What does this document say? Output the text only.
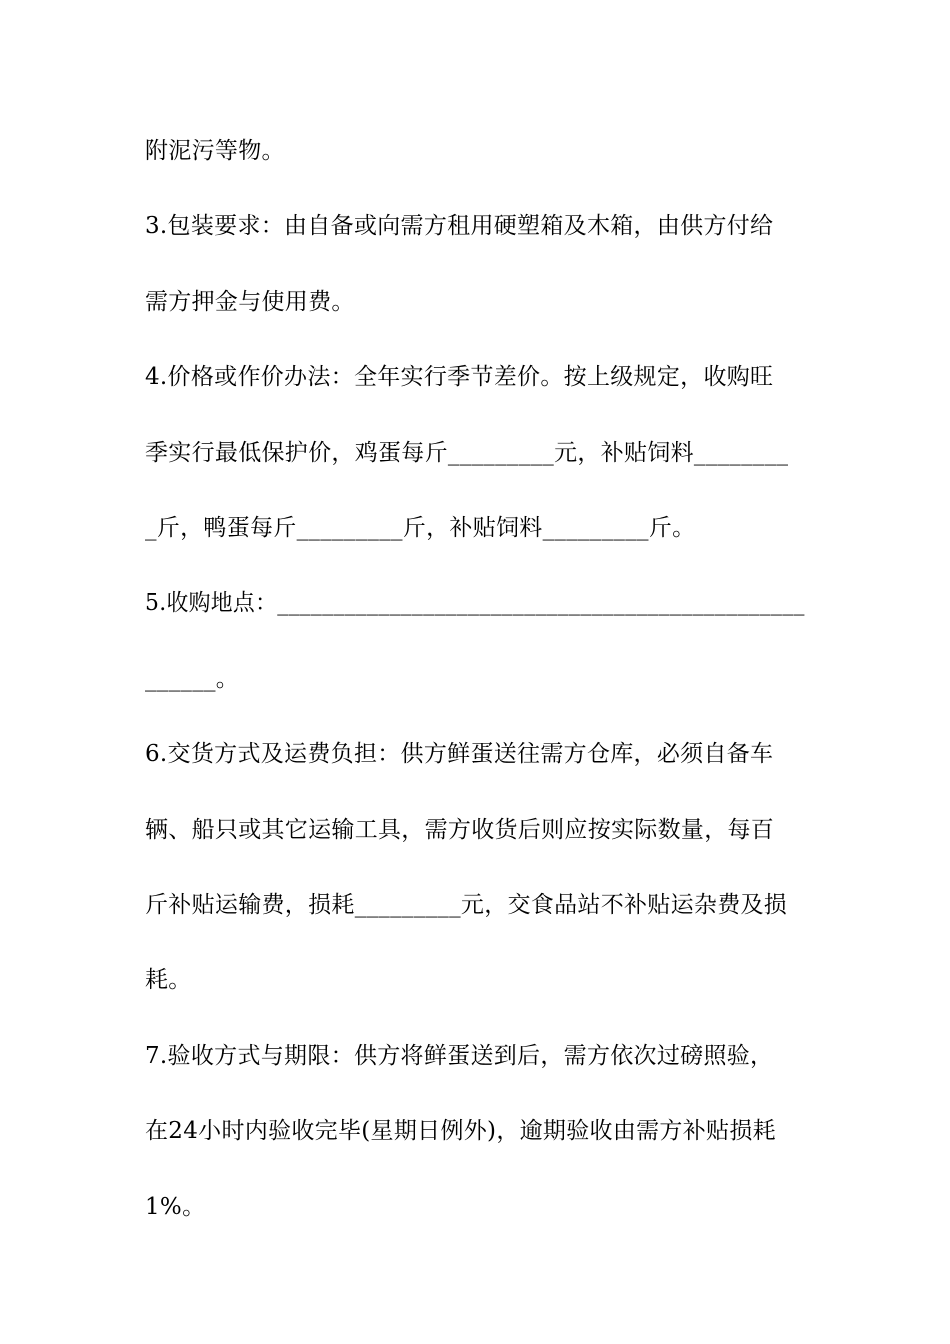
附泥污等物。
3.包装要求：由自备或向需方租用硬塑箱及木箱，由供方付给
需方押金与使用费。
4.价格或作价办法：全年实行季节差价。按上级规定，收购旺
季实行最低保护价，鸡蛋每斤_________元，补贴饲料________
_斤，鸭蛋每斤_________斤，补贴饲料_________斤。
5.收购地点：_______________________________________________
______。
6.交货方式及运费负担：供方鲜蛋送往需方仓库，必须自备车
辆、船只或其它运输工具，需方收货后则应按实际数量，每百
斤补贴运输费，损耗_________元，交食品站不补贴运杂费及损
耗。
7.验收方式与期限：供方将鲜蛋送到后，需方依次过磅照验，
在24小时内验收完毕(星期日例外)，逾期验收由需方补贴损耗
1%。
